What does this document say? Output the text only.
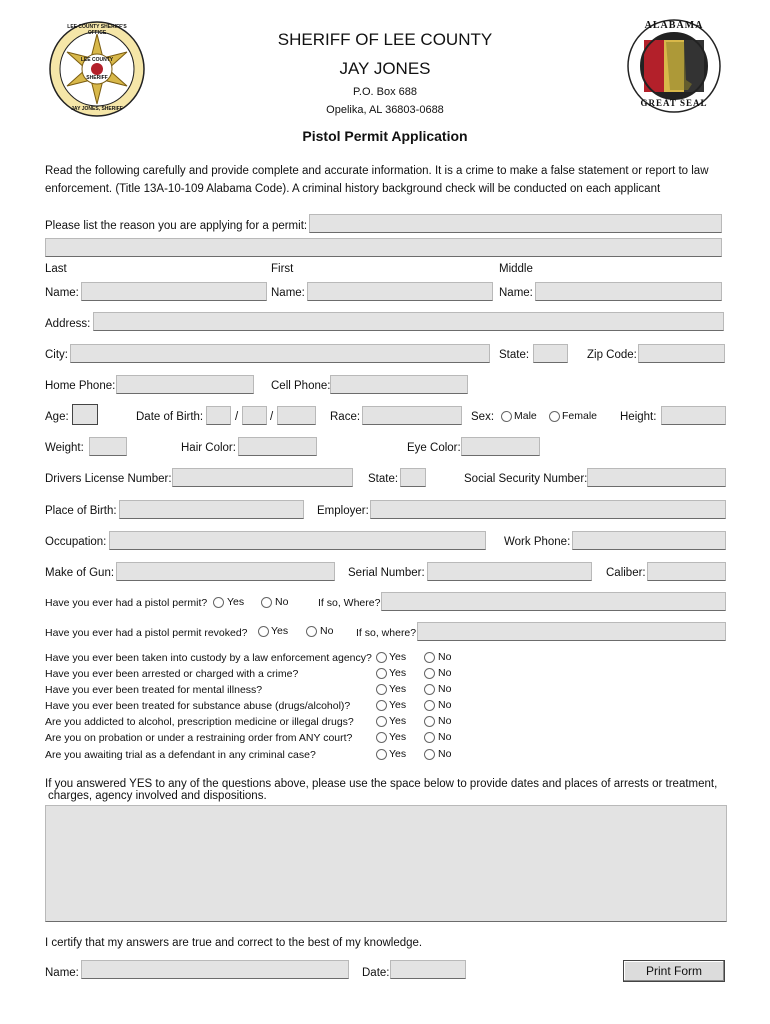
LEE COUNTY SHERIFF'S OFFICE
LEE COUNTY
SHERIFF
JAY JONES, SHERIFF
ALABAMA
GREAT SEAL
SHERIFF OF LEE COUNTY
JAY JONES
P.O. Box 688
Opelika, AL 36803-0688
Pistol Permit Application
Read the following carefully and provide complete and accurate information. It is a crime to make a false statement or report to law
enforcement. (Title 13A-10-109 Alabama Code). A criminal history background check will be conducted on each applicant
Please list the reason you are applying for a permit:
Last	First	Middle
Name:	Name:	Name:
Address:
City:	State:	Zip Code:
Home Phone:	Cell Phone:
Age:	Date of Birth:	/	/	Race:	Sex: Male Female Height:
Weight:	Hair Color:	Eye Color:
Drivers License Number:	State:	Social Security Number:
Place of Birth:	Employer:
Occupation:	Work Phone:
Make of Gun:	Serial Number:	Caliber:
Have you ever had a pistol permit? Yes	No	If so, Where?
Have you ever had a pistol permit revoked? Yes	No If so, where?
Have you ever been taken into custody by a law enforcement agency? Yes	No
Have you ever been arrested or charged with a crime?	Yes	No
Have you ever been treated for mental illness?	Yes	No
Have you ever been treated for substance abuse (drugs/alcohol)?	Yes	No
Are you addicted to alcohol, prescription medicine or illegal drugs?	Yes	No
Are you on probation or under a restraining order from ANY court?	Yes	No
Are you awaiting trial as a defendant in any criminal case?	Yes	No
If you answered YES to any of the questions above, please use the space below to provide dates and places of arrests or treatment,
charges, agency involved and dispositions.
I certify that my answers are true and correct to the best of my knowledge.
Name:	Date:	Print Form
